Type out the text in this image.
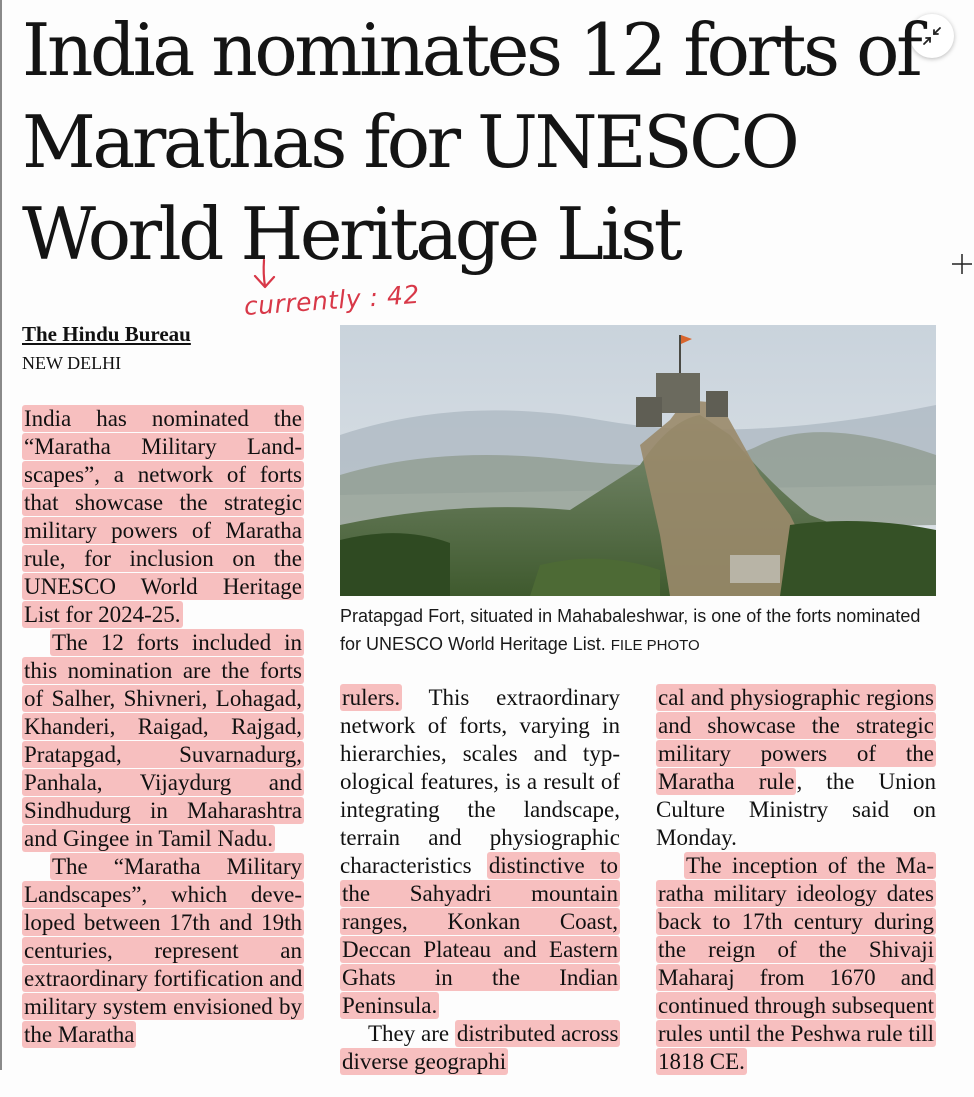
India nominates 12 forts of Marathas for UNESCO World Heritage List
currently : 42
The Hindu Bureau
NEW DELHI
Pratapgad Fort, situated in Mahabaleshwar, is one of the forts nominated for UNESCO World Heritage List. FILE PHOTO

India has nominated the “Maratha Military Landscapes”, a network of forts that showcase the strategic military powers of Maratha rule, for inclusion on the UNESCO World Heritage List for 2024-25.

The 12 forts included in this nomination are the forts of Salher, Shivneri, Lohagad, Khanderi, Raigad, Rajgad, Pratapgad, Suvarnadurg, Panhala, Vijaydurg and Sindhudurg in Maharashtra and Gingee in Tamil Nadu.

The “Maratha Military Landscapes”, which developed between 17th and 19th centuries, represent an extraordinary fortification and military system envisioned by the Maratha

rulers. This extraordinary network of forts, varying in hierarchies, scales and typological features, is a result of integrating the landscape, terrain and physiographic characteristics distinctive to the Sahyadri mountain ranges, Konkan Coast, Deccan Plateau and Eastern Ghats in the Indian Peninsula.

They are distributed across diverse geographi

cal and physiographic regions and showcase the strategic military powers of the Maratha rule, the Union Culture Ministry said on Monday.

The inception of the Maratha military ideology dates back to 17th century during the reign of the Shivaji Maharaj from 1670 and continued through subsequent rules until the Peshwa rule till 1818 CE.
